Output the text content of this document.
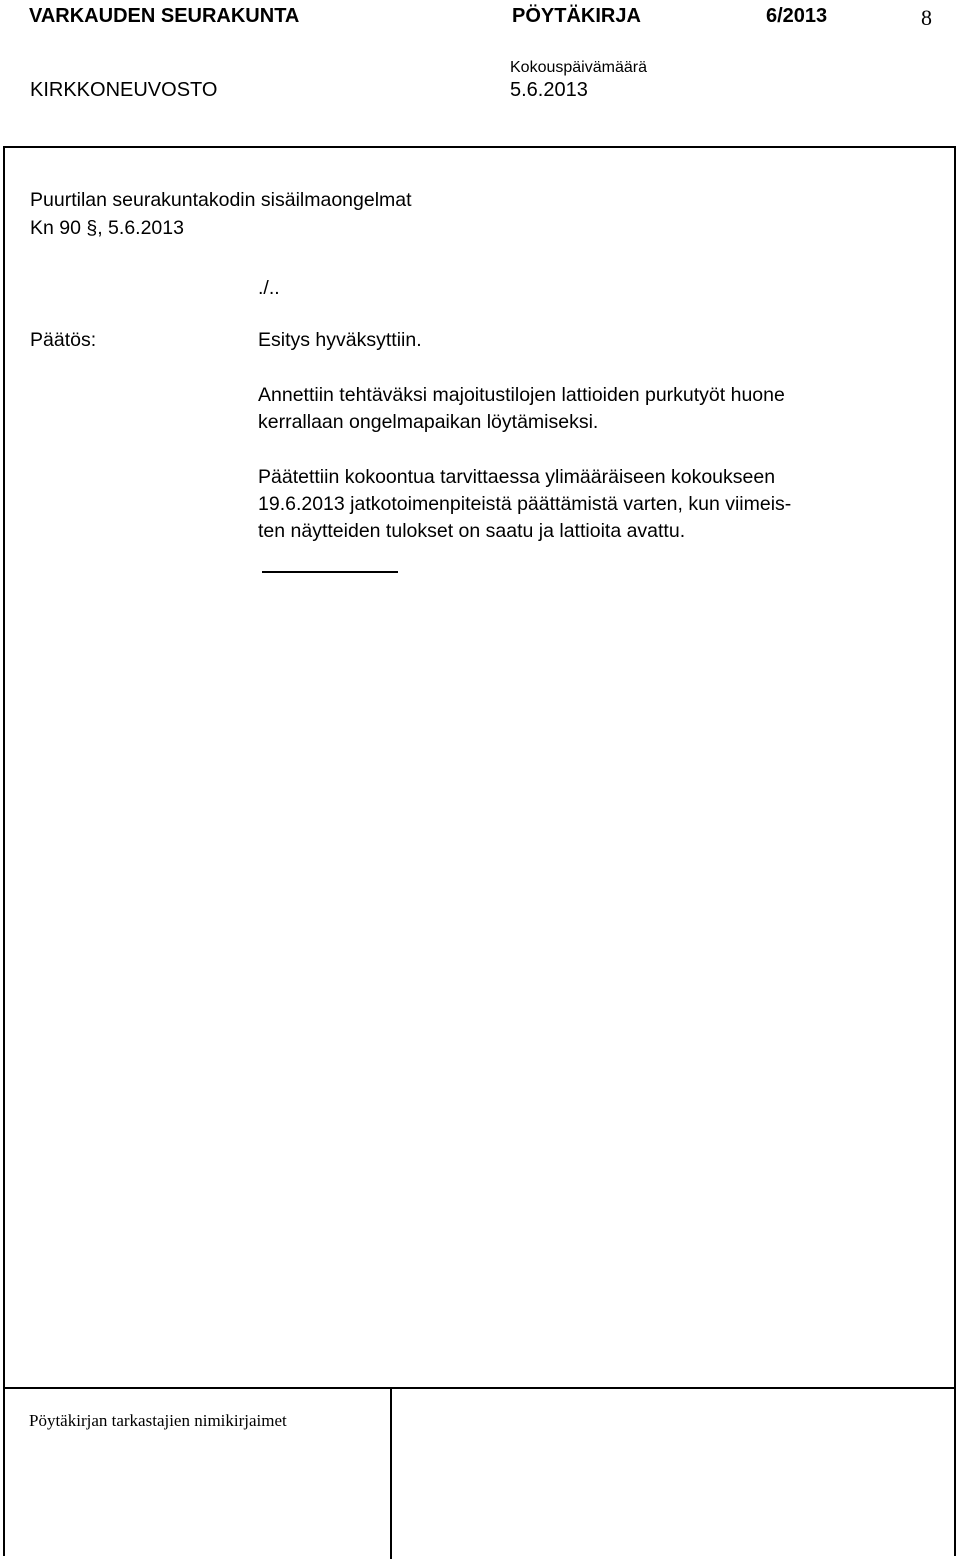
VARKAUDEN SEURAKUNTA	PÖYTÄKIRJA	6/2013	8
Kokouspäivämäärä
KIRKKONEUVOSTO	5.6.2013
Puurtilan seurakuntakodin sisäilmaongelmat
Kn 90 §, 5.6.2013
./..
Päätös:	Esitys hyväksyttiin.
Annettiin tehtäväksi majoitustilojen lattioiden purkutyöt huone
kerrallaan ongelmapaikan löytämiseksi.
Päätettiin kokoontua tarvittaessa ylimääräiseen kokoukseen
19.6.2013 jatkotoimenpiteistä päättämistä varten, kun viimeis-
ten näytteiden tulokset on saatu ja lattioita avattu.
Pöytäkirjan tarkastajien nimikirjaimet
